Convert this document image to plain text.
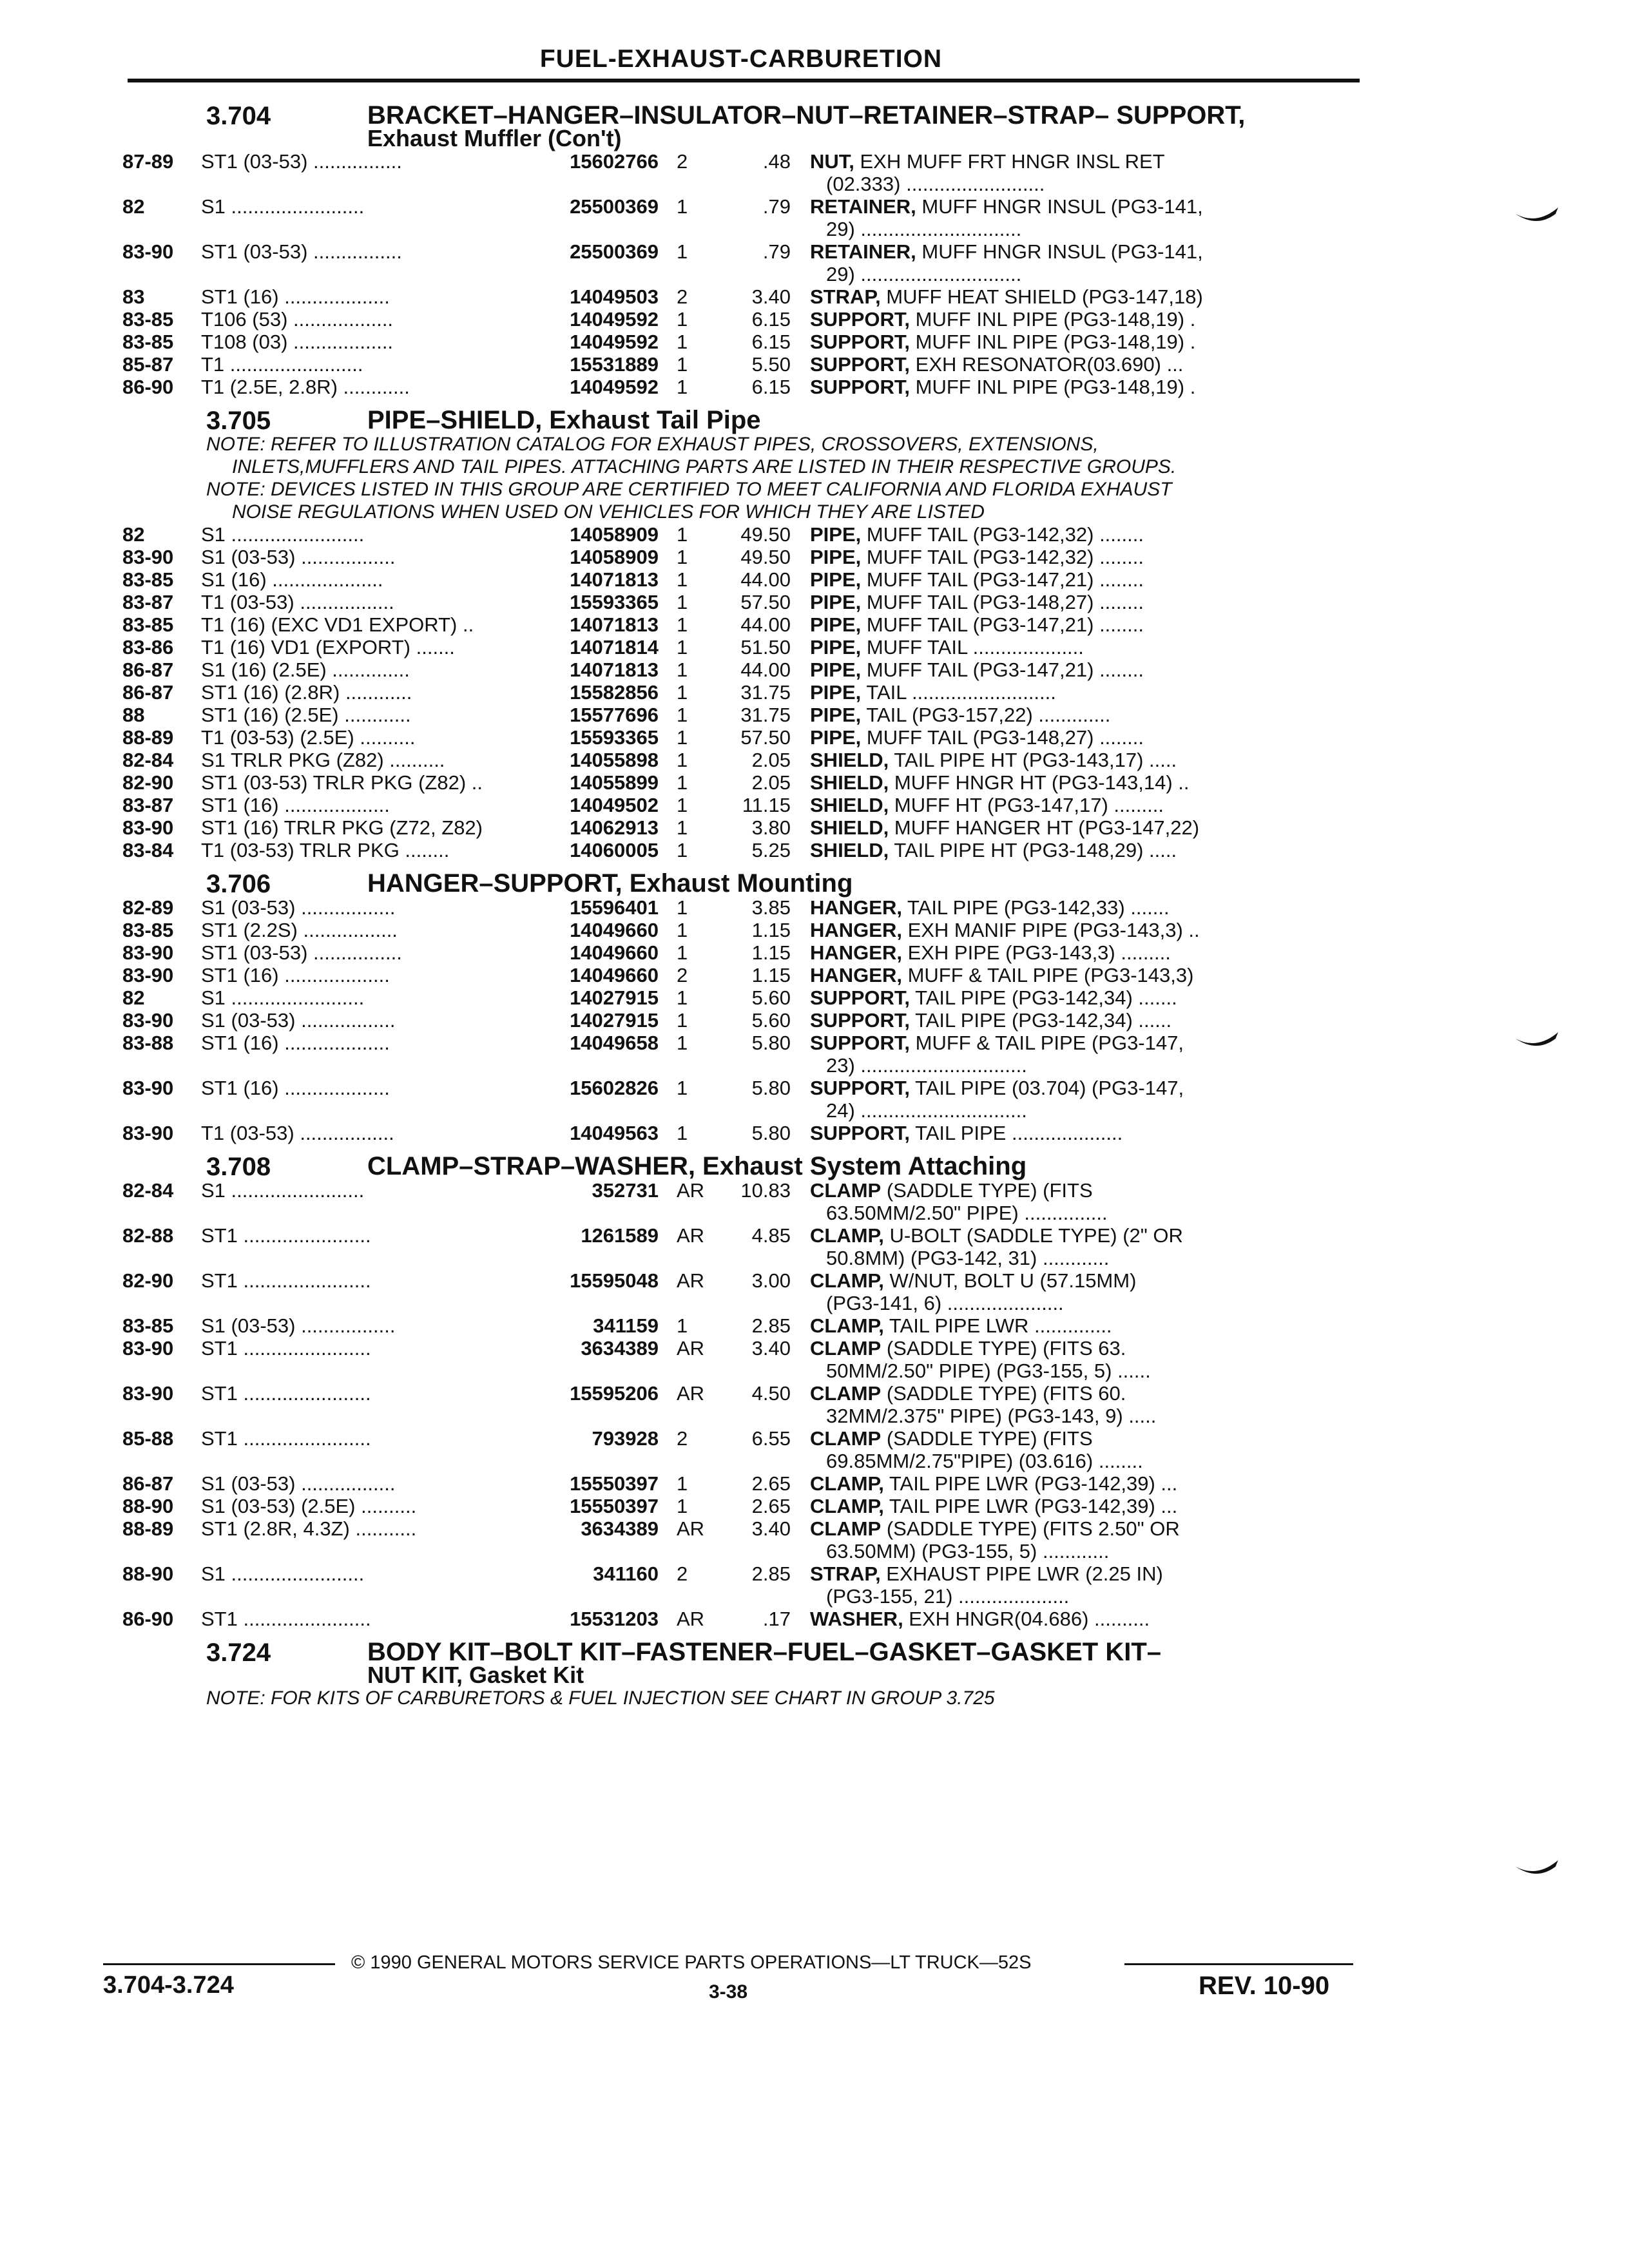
FUEL-EXHAUST-CARBURETION
3.704	BRACKET–HANGER–INSULATOR–NUT–RETAINER–STRAP– SUPPORT,
Exhaust Muffler (Con't)
87-89	ST1 (03-53) ................	15602766 2	.48 NUT, EXH MUFF FRT HNGR INSL RET
(02.333) .........................
82	S1 ........................	25500369 1	.79 RETAINER, MUFF HNGR INSUL (PG3-141,
29) .............................
83-90	ST1 (03-53) ................	25500369 1	.79 RETAINER, MUFF HNGR INSUL (PG3-141,
29) .............................
83	ST1 (16) ...................	14049503 2	3.40 STRAP, MUFF HEAT SHIELD (PG3-147,18)
83-85	T106 (53) ..................	14049592 1	6.15 SUPPORT, MUFF INL PIPE (PG3-148,19) .
83-85	T108 (03) ..................	14049592 1	6.15 SUPPORT, MUFF INL PIPE (PG3-148,19) .
85-87	T1 ........................	15531889 1	5.50 SUPPORT, EXH RESONATOR(03.690) ...
86-90	T1 (2.5E, 2.8R) ............	14049592 1	6.15 SUPPORT, MUFF INL PIPE (PG3-148,19) .
3.705	PIPE–SHIELD, Exhaust Tail Pipe
NOTE: REFER TO ILLUSTRATION CATALOG FOR EXHAUST PIPES, CROSSOVERS, EXTENSIONS,
INLETS,MUFFLERS AND TAIL PIPES. ATTACHING PARTS ARE LISTED IN THEIR RESPECTIVE GROUPS.
NOTE: DEVICES LISTED IN THIS GROUP ARE CERTIFIED TO MEET CALIFORNIA AND FLORIDA EXHAUST
NOISE REGULATIONS WHEN USED ON VEHICLES FOR WHICH THEY ARE LISTED
82	S1 ........................	14058909 1	49.50 PIPE, MUFF TAIL (PG3-142,32) ........
83-90	S1 (03-53) .................	14058909 1	49.50 PIPE, MUFF TAIL (PG3-142,32) ........
83-85	S1 (16) ....................	14071813 1	44.00 PIPE, MUFF TAIL (PG3-147,21) ........
83-87	T1 (03-53) .................	15593365 1	57.50 PIPE, MUFF TAIL (PG3-148,27) ........
83-85	T1 (16) (EXC VD1 EXPORT) ..	14071813 1	44.00 PIPE, MUFF TAIL (PG3-147,21) ........
83-86	T1 (16) VD1 (EXPORT) .......	14071814 1	51.50 PIPE, MUFF TAIL ....................
86-87	S1 (16) (2.5E) ..............	14071813 1	44.00 PIPE, MUFF TAIL (PG3-147,21) ........
86-87	ST1 (16) (2.8R) ............	15582856 1	31.75 PIPE, TAIL ..........................
88	ST1 (16) (2.5E) ............	15577696 1	31.75 PIPE, TAIL (PG3-157,22) .............
88-89	T1 (03-53) (2.5E) ..........	15593365 1	57.50 PIPE, MUFF TAIL (PG3-148,27) ........
82-84	S1 TRLR PKG (Z82) ..........	14055898 1	2.05 SHIELD, TAIL PIPE HT (PG3-143,17) .....
82-90	ST1 (03-53) TRLR PKG (Z82) ..	14055899 1	2.05 SHIELD, MUFF HNGR HT (PG3-143,14) ..
83-87	ST1 (16) ...................	14049502 1	11.15 SHIELD, MUFF HT (PG3-147,17) .........
83-90	ST1 (16) TRLR PKG (Z72, Z82)	14062913 1	3.80 SHIELD, MUFF HANGER HT (PG3-147,22)
83-84	T1 (03-53) TRLR PKG ........	14060005 1	5.25 SHIELD, TAIL PIPE HT (PG3-148,29) .....
3.706	HANGER–SUPPORT, Exhaust Mounting
82-89	S1 (03-53) .................	15596401 1	3.85 HANGER, TAIL PIPE (PG3-142,33) .......
83-85	ST1 (2.2S) .................	14049660 1	1.15 HANGER, EXH MANIF PIPE (PG3-143,3) ..
83-90	ST1 (03-53) ................	14049660 1	1.15 HANGER, EXH PIPE (PG3-143,3) .........
83-90	ST1 (16) ...................	14049660 2	1.15 HANGER, MUFF & TAIL PIPE (PG3-143,3)
82	S1 ........................	14027915 1	5.60 SUPPORT, TAIL PIPE (PG3-142,34) .......
83-90	S1 (03-53) .................	14027915 1	5.60 SUPPORT, TAIL PIPE (PG3-142,34) ......
83-88	ST1 (16) ...................	14049658 1	5.80 SUPPORT, MUFF & TAIL PIPE (PG3-147,
23) ..............................
83-90	ST1 (16) ...................	15602826 1	5.80 SUPPORT, TAIL PIPE (03.704) (PG3-147,
24) ..............................
83-90	T1 (03-53) .................	14049563 1	5.80 SUPPORT, TAIL PIPE ....................
3.708	CLAMP–STRAP–WASHER, Exhaust System Attaching
82-84	S1 ........................	352731 AR	10.83 CLAMP (SADDLE TYPE) (FITS
63.50MM/2.50" PIPE) ...............
82-88	ST1 .......................	1261589 AR	4.85 CLAMP, U-BOLT (SADDLE TYPE) (2" OR
50.8MM) (PG3-142, 31) ............
82-90	ST1 .......................	15595048 AR	3.00 CLAMP, W/NUT, BOLT U (57.15MM)
(PG3-141, 6) .....................
83-85	S1 (03-53) .................	341159 1	2.85 CLAMP, TAIL PIPE LWR ..............
83-90	ST1 .......................	3634389 AR	3.40 CLAMP (SADDLE TYPE) (FITS 63.
50MM/2.50" PIPE) (PG3-155, 5) ......
83-90	ST1 .......................	15595206 AR	4.50 CLAMP (SADDLE TYPE) (FITS 60.
32MM/2.375" PIPE) (PG3-143, 9) .....
85-88	ST1 .......................	793928 2	6.55 CLAMP (SADDLE TYPE) (FITS
69.85MM/2.75"PIPE) (03.616) ........
86-87	S1 (03-53) .................	15550397 1	2.65 CLAMP, TAIL PIPE LWR (PG3-142,39) ...
88-90	S1 (03-53) (2.5E) ..........	15550397 1	2.65 CLAMP, TAIL PIPE LWR (PG3-142,39) ...
88-89	ST1 (2.8R, 4.3Z) ...........	3634389 AR	3.40 CLAMP (SADDLE TYPE) (FITS 2.50" OR
63.50MM) (PG3-155, 5) ............
88-90	S1 ........................	341160 2	2.85 STRAP, EXHAUST PIPE LWR (2.25 IN)
(PG3-155, 21) ....................
86-90	ST1 .......................	15531203 AR	.17 WASHER, EXH HNGR(04.686) ..........
3.724	BODY KIT–BOLT KIT–FASTENER–FUEL–GASKET–GASKET KIT–
NUT KIT, Gasket Kit
NOTE: FOR KITS OF CARBURETORS & FUEL INJECTION SEE CHART IN GROUP 3.725
© 1990 GENERAL MOTORS SERVICE PARTS OPERATIONS—LT TRUCK—52S
3.704-3.724	3-38	REV. 10-90
